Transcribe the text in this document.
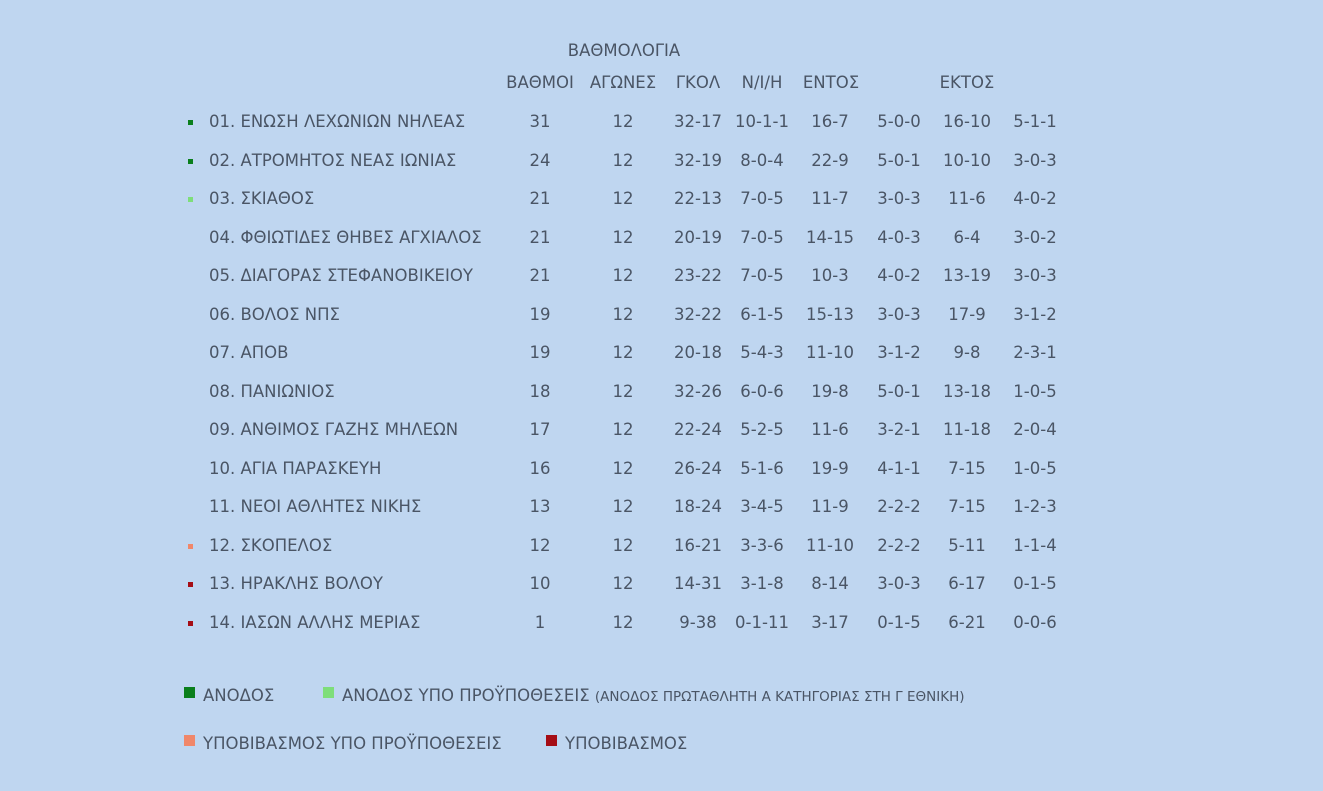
ΒΑΘΜΟΛΟΓΙΑ
ΒΑΘΜΟΙ ΑΓΩΝΕΣ ΓΚΟΛ Ν/Ι/Η ΕΝΤΟΣ	ΕΚΤΟΣ
01. ΕΝΩΣΗ ΛΕΧΩΝΙΩΝ ΝΗΛΕΑΣ	31	12 32-17 10-1-1 16-7 5-0-0 16-10 5-1-1
02. ΑΤΡΟΜΗΤΟΣ ΝΕΑΣ ΙΩΝΙΑΣ	24	12 32-19 8-0-4 22-9 5-0-1 10-10 3-0-3
03. ΣΚΙΑΘΟΣ	21	12 22-13 7-0-5 11-7 3-0-3 11-6 4-0-2
04. ΦΘΙΩΤΙΔΕΣ ΘΗΒΕΣ ΑΓΧΙΑΛΟΣ	21	12 20-19 7-0-5 14-15 4-0-3 6-4 3-0-2
05. ΔΙΑΓΟΡΑΣ ΣΤΕΦΑΝΟΒΙΚΕΙΟΥ	21	12 23-22 7-0-5 10-3 4-0-2 13-19 3-0-3
06. ΒΟΛΟΣ ΝΠΣ	19	12 32-22 6-1-5 15-13 3-0-3 17-9 3-1-2
07. ΑΠΟΒ	19	12 20-18 5-4-3 11-10 3-1-2 9-8 2-3-1
08. ΠΑΝΙΩΝΙΟΣ	18	12 32-26 6-0-6 19-8 5-0-1 13-18 1-0-5
09. ΑΝΘΙΜΟΣ ΓΑΖΗΣ ΜΗΛΕΩΝ	17	12 22-24 5-2-5 11-6 3-2-1 11-18 2-0-4
10. ΑΓΙΑ ΠΑΡΑΣΚΕΥΗ	16	12 26-24 5-1-6 19-9 4-1-1 7-15 1-0-5
11. ΝΕΟΙ ΑΘΛΗΤΕΣ ΝΙΚΗΣ	13	12 18-24 3-4-5 11-9 2-2-2 7-15 1-2-3
12. ΣΚΟΠΕΛΟΣ	12	12 16-21 3-3-6 11-10 2-2-2 5-11 1-1-4
13. ΗΡΑΚΛΗΣ ΒΟΛΟΥ	10	12 14-31 3-1-8 8-14 3-0-3 6-17 0-1-5
14. ΙΑΣΩΝ ΑΛΛΗΣ ΜΕΡΙΑΣ	1	12	9-38 0-1-11 3-17 0-1-5 6-21 0-0-6
ΑΝΟΔΟΣ	ΑΝΟΔΟΣ ΥΠΟ ΠΡΟΫΠΟΘΕΣΕΙΣ (ΑΝΟΔΟΣ ΠΡΩΤΑΘΛΗΤΗ Α ΚΑΤΗΓΟΡΙΑΣ ΣΤΗ Γ ΕΘΝΙΚΗ)
ΥΠΟΒΙΒΑΣΜΟΣ ΥΠΟ ΠΡΟΫΠΟΘΕΣΕΙΣ	ΥΠΟΒΙΒΑΣΜΟΣ
